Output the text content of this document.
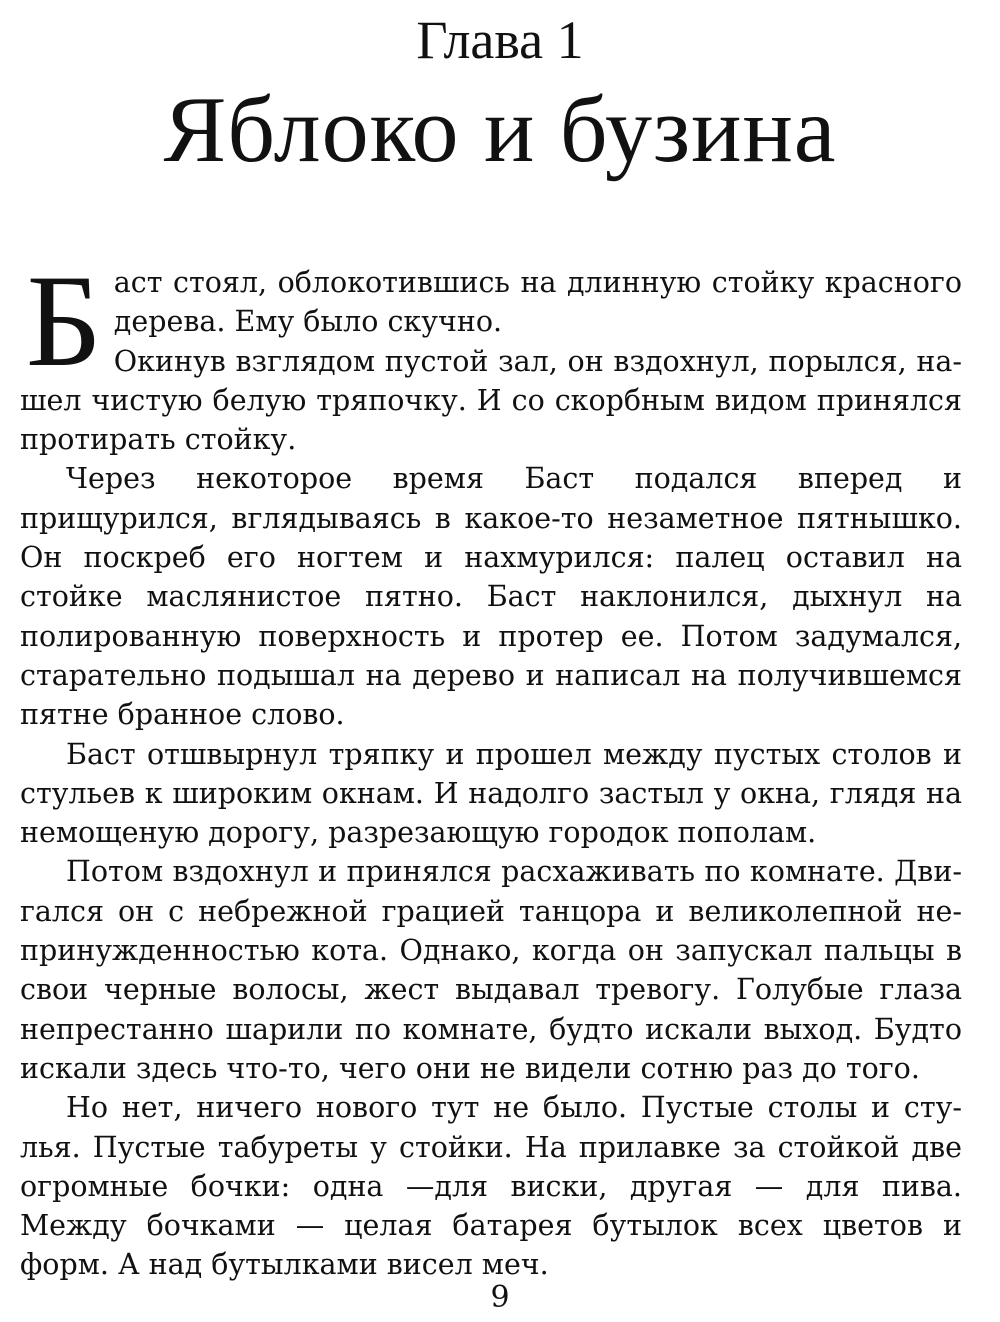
Глава 1
Яблоко и бузина

Баст стоял, облокотившись на длинную стойку красного дерева. Ему было скучно.
Окинув взглядом пустой зал, он вздохнул, порылся, нашел чистую белую тряпочку. И со скорбным видом принялся протирать стойку.

Через некоторое время Баст подался вперед и прищурился, вглядываясь в какое-то незаметное пятнышко. Он поскреб его ногтем и нахмурился: палец оставил на стойке маслянистое пятно. Баст наклонился, дыхнул на полированную поверхность и протер ее. Потом задумался, старательно подышал на дерево и написал на получившемся пятне бранное слово.

Баст отшвырнул тряпку и прошел между пустых столов и стульев к широким окнам. И надолго застыл у окна, глядя на немощеную дорогу, разрезающую городок пополам.

Потом вздохнул и принялся расхаживать по комнате. Двигался он с небрежной грацией танцора и великолепной непринужденностью кота. Однако, когда он запускал пальцы в свои черные волосы, жест выдавал тревогу. Голубые глаза непрестанно шарили по комнате, будто искали выход. Будто искали здесь что-то, чего они не видели сотню раз до того.

Но нет, ничего нового тут не было. Пустые столы и стулья. Пустые табуреты у стойки. На прилавке за стойкой две огромные бочки: одна —для виски, другая — для пива. Между бочками — целая батарея бутылок всех цветов и форм. А над бутылками висел меч.

9
